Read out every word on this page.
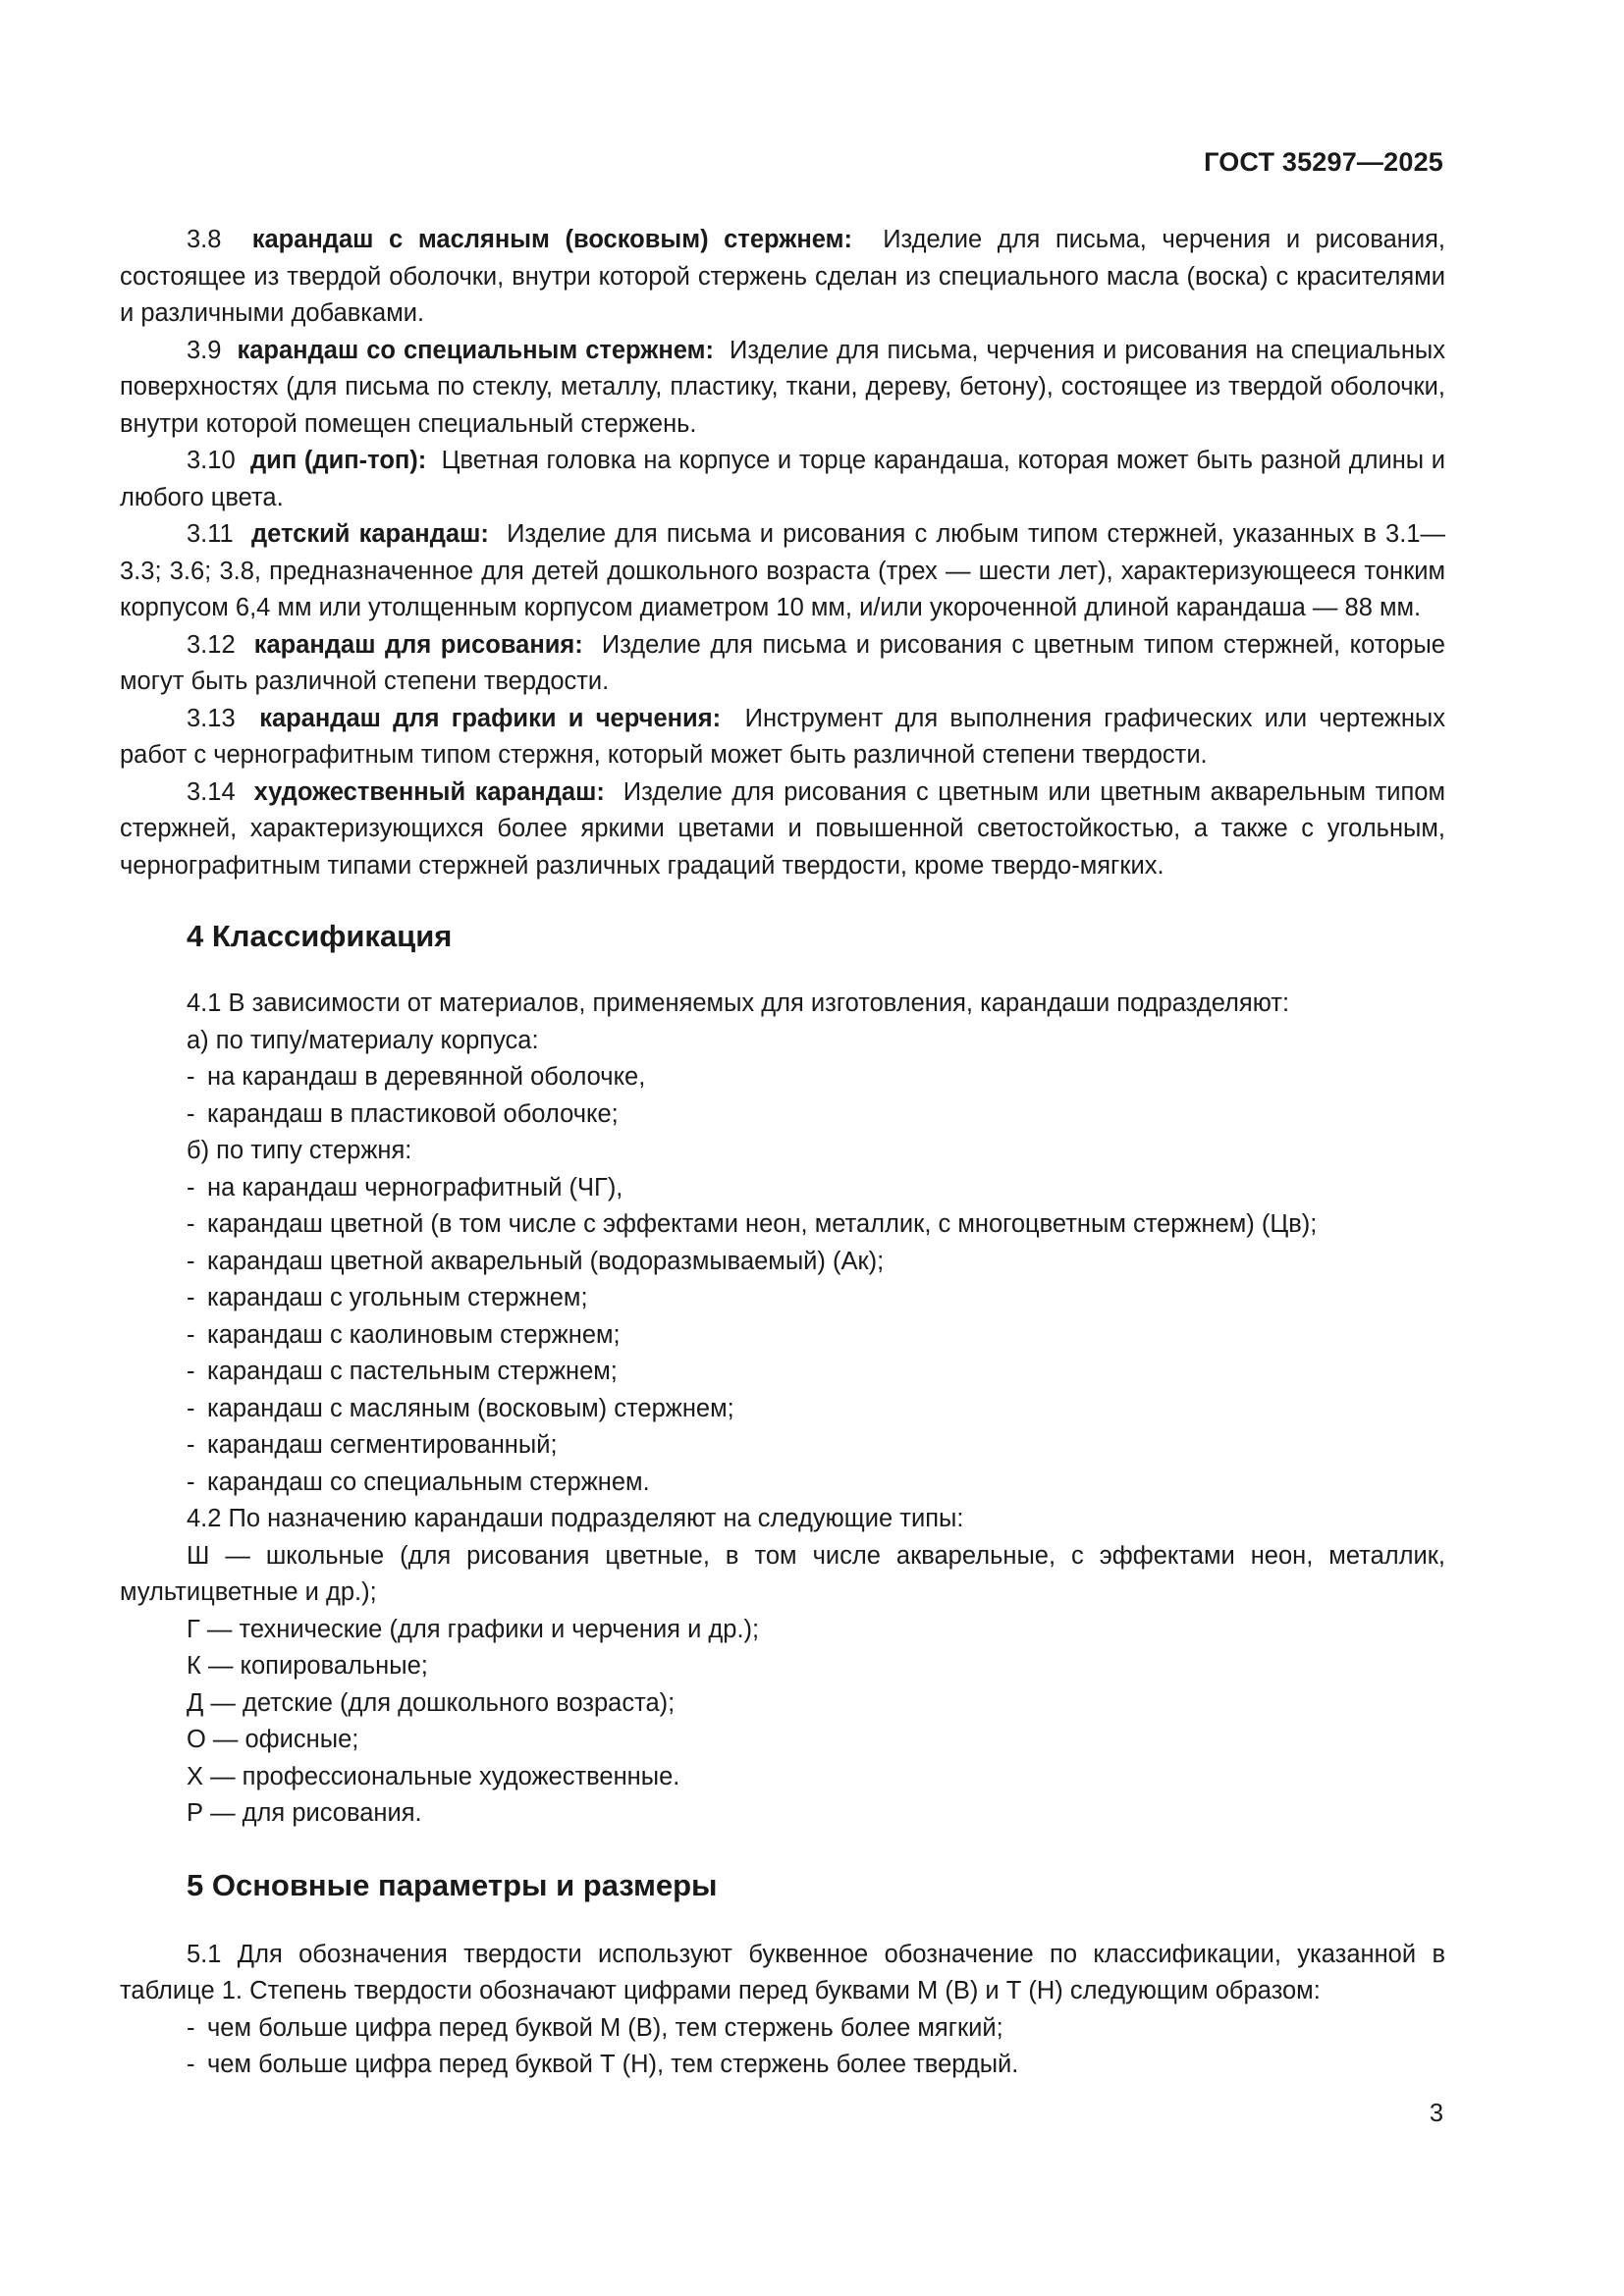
ГОСТ 35297—2025

3.8 карандаш с масляным (восковым) стержнем: Изделие для письма, черчения и рисования, состоящее из твердой оболочки, внутри которой стержень сделан из специального масла (воска) с красителями и различными добавками.

3.9 карандаш со специальным стержнем: Изделие для письма, черчения и рисования на специальных поверхностях (для письма по стеклу, металлу, пластику, ткани, дереву, бетону), состоящее из твердой оболочки, внутри которой помещен специальный стержень.

3.10 дип (дип-топ): Цветная головка на корпусе и торце карандаша, которая может быть разной длины и любого цвета.

3.11 детский карандаш: Изделие для письма и рисования с любым типом стержней, указанных в 3.1—3.3; 3.6; 3.8, предназначенное для детей дошкольного возраста (трех — шести лет), характеризующееся тонким корпусом 6,4 мм или утолщенным корпусом диаметром 10 мм, и/или укороченной длиной карандаша — 88 мм.

3.12 карандаш для рисования: Изделие для письма и рисования с цветным типом стержней, которые могут быть различной степени твердости.

3.13 карандаш для графики и черчения: Инструмент для выполнения графических или чертежных работ с чернографитным типом стержня, который может быть различной степени твердости.

3.14 художественный карандаш: Изделие для рисования с цветным или цветным акварельным типом стержней, характеризующихся более яркими цветами и повышенной светостойкостью, а также с угольным, чернографитным типами стержней различных градаций твердости, кроме твердо-мягких.

4 Классификация

4.1 В зависимости от материалов, применяемых для изготовления, карандаши подразделяют:

а) по типу/материалу корпуса:

- на карандаш в деревянной оболочке,

- карандаш в пластиковой оболочке;

б) по типу стержня:

- на карандаш чернографитный (ЧГ),

- карандаш цветной (в том числе с эффектами неон, металлик, с многоцветным стержнем) (Цв);

- карандаш цветной акварельный (водоразмываемый) (Ак);

- карандаш с угольным стержнем;

- карандаш с каолиновым стержнем;

- карандаш с пастельным стержнем;

- карандаш с масляным (восковым) стержнем;

- карандаш сегментированный;

- карандаш со специальным стержнем.

4.2 По назначению карандаши подразделяют на следующие типы:

Ш — школьные (для рисования цветные, в том числе акварельные, с эффектами неон, металлик, мультицветные и др.);

Г — технические (для графики и черчения и др.);

К — копировальные;

Д — детские (для дошкольного возраста);

О — офисные;

Х — профессиональные художественные.

Р — для рисования.

5 Основные параметры и размеры

5.1 Для обозначения твердости используют буквенное обозначение по классификации, указанной в таблице 1. Степень твердости обозначают цифрами перед буквами М (В) и Т (Н) следующим образом:

- чем больше цифра перед буквой М (В), тем стержень более мягкий;

- чем больше цифра перед буквой Т (Н), тем стержень более твердый.

3
